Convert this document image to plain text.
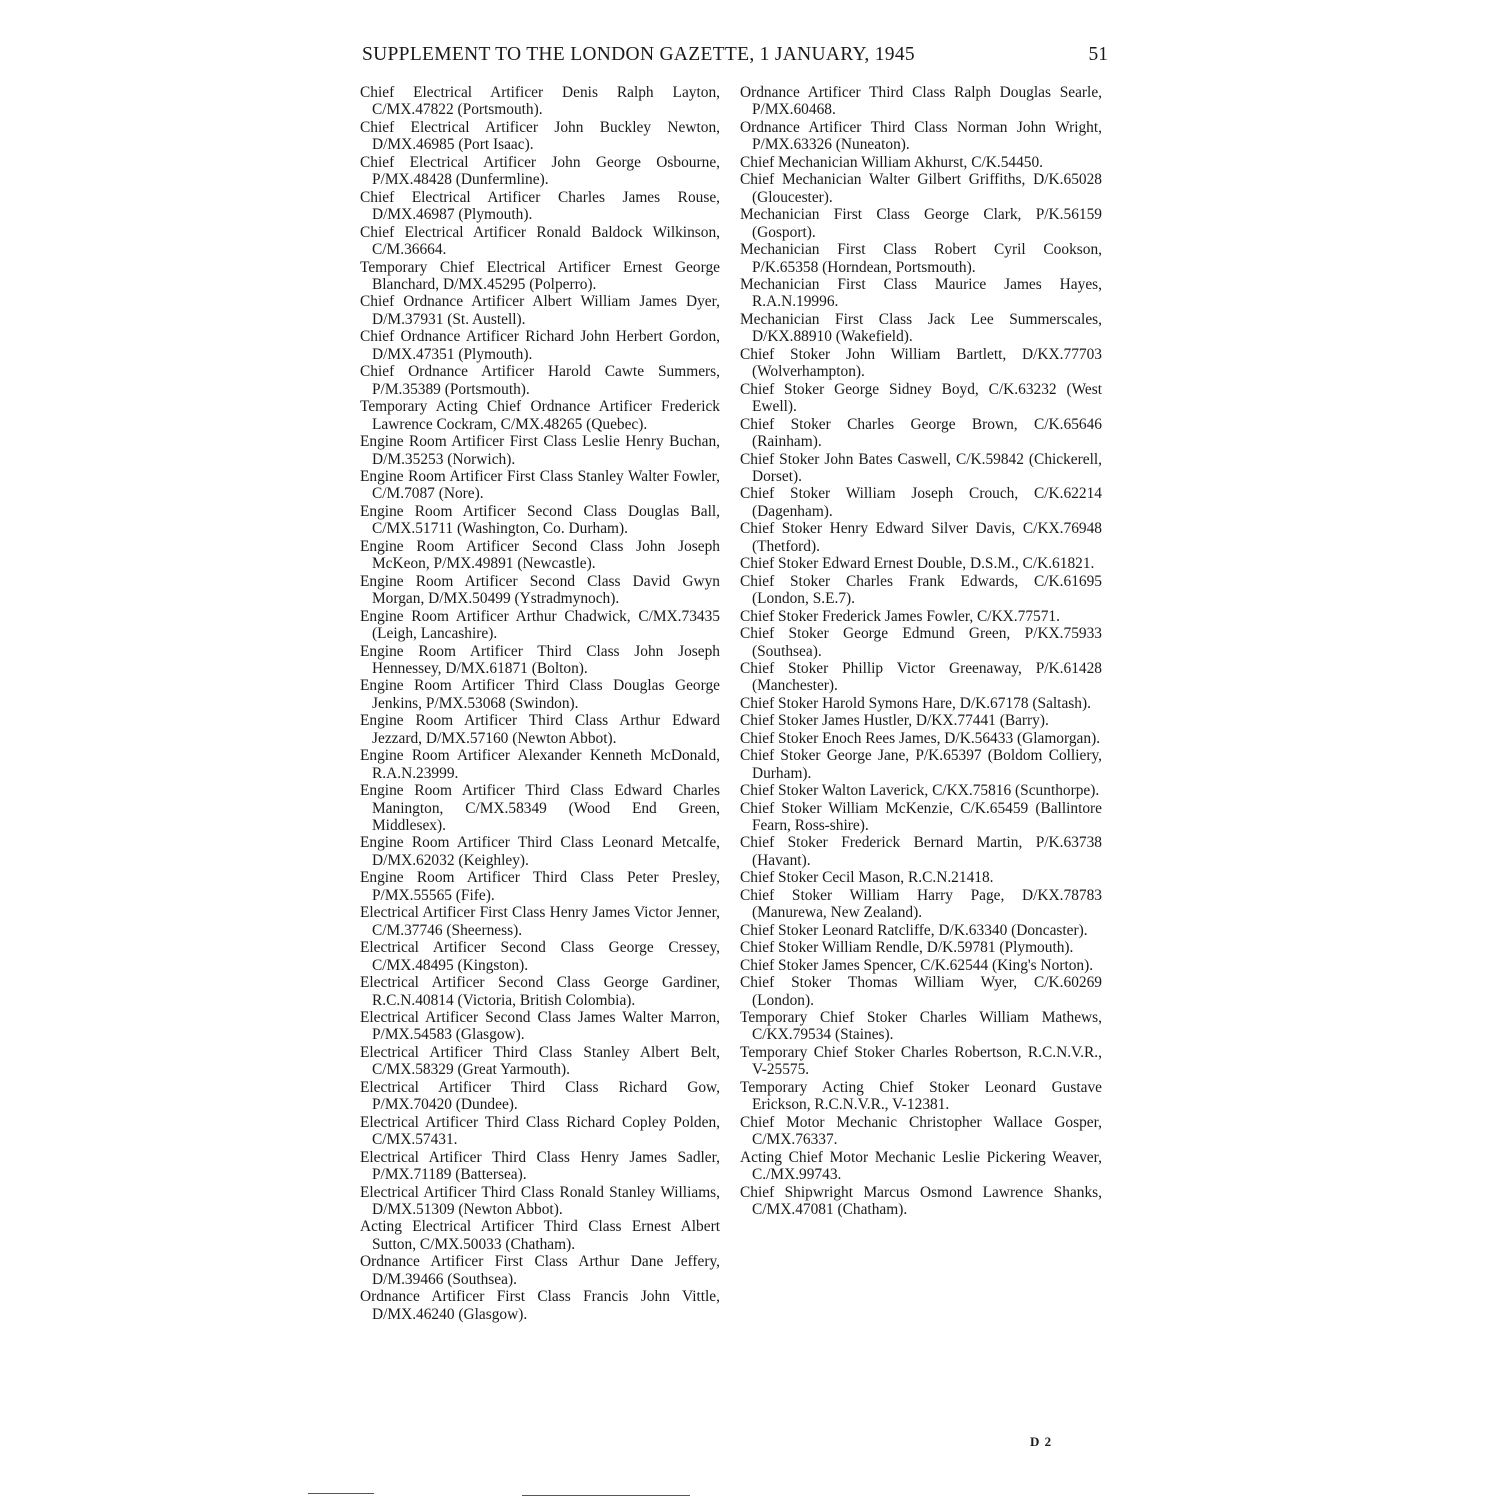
SUPPLEMENT TO THE LONDON GAZETTE, 1 JANUARY, 1945	51

Chief Electrical Artificer Denis Ralph Layton, C/MX.47822 (Portsmouth).

Chief Electrical Artificer John Buckley Newton, D/MX.46985 (Port Isaac).

Chief Electrical Artificer John George Osbourne, P/MX.48428 (Dunfermline).

Chief Electrical Artificer Charles James Rouse, D/MX.46987 (Plymouth).

Chief Electrical Artificer Ronald Baldock Wilkinson, C/M.36664.

Temporary Chief Electrical Artificer Ernest George Blanchard, D/MX.45295 (Polperro).

Chief Ordnance Artificer Albert William James Dyer, D/M.37931 (St. Austell).

Chief Ordnance Artificer Richard John Herbert Gordon, D/MX.47351 (Plymouth).

Chief Ordnance Artificer Harold Cawte Summers, P/M.35389 (Portsmouth).

Temporary Acting Chief Ordnance Artificer Frederick Lawrence Cockram, C/MX.48265 (Quebec).

Engine Room Artificer First Class Leslie Henry Buchan, D/M.35253 (Norwich).

Engine Room Artificer First Class Stanley Walter Fowler, C/M.7087 (Nore).

Engine Room Artificer Second Class Douglas Ball, C/MX.51711 (Washington, Co. Durham).

Engine Room Artificer Second Class John Joseph McKeon, P/MX.49891 (Newcastle).

Engine Room Artificer Second Class David Gwyn Morgan, D/MX.50499 (Ystradmynoch).

Engine Room Artificer Arthur Chadwick, C/MX.73435 (Leigh, Lancashire).

Engine Room Artificer Third Class John Joseph Hennessey, D/MX.61871 (Bolton).

Engine Room Artificer Third Class Douglas George Jenkins, P/MX.53068 (Swindon).

Engine Room Artificer Third Class Arthur Edward Jezzard, D/MX.57160 (Newton Abbot).

Engine Room Artificer Alexander Kenneth McDonald, R.A.N.23999.

Engine Room Artificer Third Class Edward Charles Manington, C/MX.58349 (Wood End Green, Middlesex).

Engine Room Artificer Third Class Leonard Metcalfe, D/MX.62032 (Keighley).

Engine Room Artificer Third Class Peter Presley, P/MX.55565 (Fife).

Electrical Artificer First Class Henry James Victor Jenner, C/M.37746 (Sheerness).

Electrical Artificer Second Class George Cressey, C/MX.48495 (Kingston).

Electrical Artificer Second Class George Gardiner, R.C.N.40814 (Victoria, British Colombia).

Electrical Artificer Second Class James Walter Marron, P/MX.54583 (Glasgow).

Electrical Artificer Third Class Stanley Albert Belt, C/MX.58329 (Great Yarmouth).

Electrical Artificer Third Class Richard Gow, P/MX.70420 (Dundee).

Electrical Artificer Third Class Richard Copley Polden, C/MX.57431.

Electrical Artificer Third Class Henry James Sadler, P/MX.71189 (Battersea).

Electrical Artificer Third Class Ronald Stanley Williams, D/MX.51309 (Newton Abbot).

Acting Electrical Artificer Third Class Ernest Albert Sutton, C/MX.50033 (Chatham).

Ordnance Artificer First Class Arthur Dane Jeffery, D/M.39466 (Southsea).

Ordnance Artificer First Class Francis John Vittle, D/MX.46240 (Glasgow).

Ordnance Artificer Third Class Ralph Douglas Searle, P/MX.60468.

Ordnance Artificer Third Class Norman John Wright, P/MX.63326 (Nuneaton).

Chief Mechanician William Akhurst, C/K.54450.

Chief Mechanician Walter Gilbert Griffiths, D/K.65028 (Gloucester).

Mechanician First Class George Clark, P/K.56159 (Gosport).

Mechanician First Class Robert Cyril Cookson, P/K.65358 (Horndean, Portsmouth).

Mechanician First Class Maurice James Hayes, R.A.N.19996.

Mechanician First Class Jack Lee Summerscales, D/KX.88910 (Wakefield).

Chief Stoker John William Bartlett, D/KX.77703 (Wolverhampton).

Chief Stoker George Sidney Boyd, C/K.63232 (West Ewell).

Chief Stoker Charles George Brown, C/K.65646 (Rainham).

Chief Stoker John Bates Caswell, C/K.59842 (Chickerell, Dorset).

Chief Stoker William Joseph Crouch, C/K.62214 (Dagenham).

Chief Stoker Henry Edward Silver Davis, C/KX.76948 (Thetford).

Chief Stoker Edward Ernest Double, D.S.M., C/K.61821.

Chief Stoker Charles Frank Edwards, C/K.61695 (London, S.E.7).

Chief Stoker Frederick James Fowler, C/KX.77571.

Chief Stoker George Edmund Green, P/KX.75933 (Southsea).

Chief Stoker Phillip Victor Greenaway, P/K.61428 (Manchester).

Chief Stoker Harold Symons Hare, D/K.67178 (Saltash).

Chief Stoker James Hustler, D/KX.77441 (Barry).

Chief Stoker Enoch Rees James, D/K.56433 (Glamorgan).

Chief Stoker George Jane, P/K.65397 (Boldom Colliery, Durham).

Chief Stoker Walton Laverick, C/KX.75816 (Scunthorpe).

Chief Stoker William McKenzie, C/K.65459 (Ballintore Fearn, Ross-shire).

Chief Stoker Frederick Bernard Martin, P/K.63738 (Havant).

Chief Stoker Cecil Mason, R.C.N.21418.

Chief Stoker William Harry Page, D/KX.78783 (Manurewa, New Zealand).

Chief Stoker Leonard Ratcliffe, D/K.63340 (Doncaster).

Chief Stoker William Rendle, D/K.59781 (Plymouth).

Chief Stoker James Spencer, C/K.62544 (King's Norton).

Chief Stoker Thomas William Wyer, C/K.60269 (London).

Temporary Chief Stoker Charles William Mathews, C/KX.79534 (Staines).

Temporary Chief Stoker Charles Robertson, R.C.N.V.R., V-25575.

Temporary Acting Chief Stoker Leonard Gustave Erickson, R.C.N.V.R., V-12381.

Chief Motor Mechanic Christopher Wallace Gosper, C/MX.76337.

Acting Chief Motor Mechanic Leslie Pickering Weaver, C./MX.99743.

Chief Shipwright Marcus Osmond Lawrence Shanks, C/MX.47081 (Chatham).

D 2
